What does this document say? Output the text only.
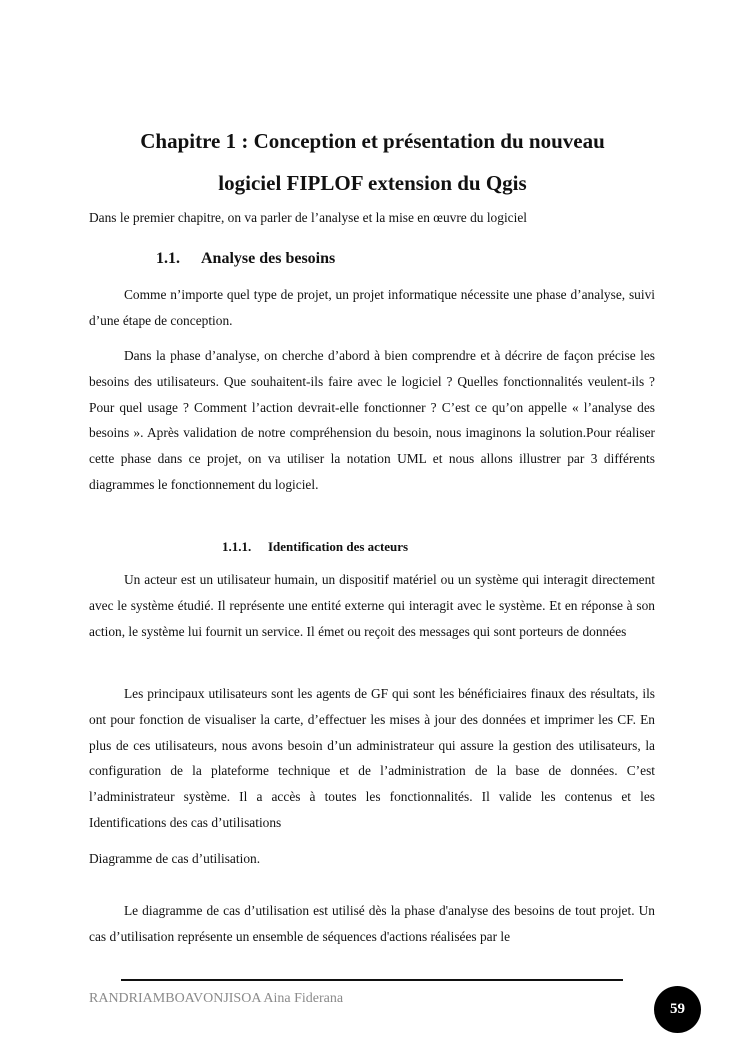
Chapitre 1 : Conception et présentation du nouveau
logiciel FIPLOF extension du Qgis

Dans le premier chapitre, on va parler de l’analyse et la mise en œuvre du logiciel

1.1. Analyse des besoins

Comme n’importe quel type de projet, un projet informatique nécessite une phase d’analyse, suivi d’une étape de conception.

Dans la phase d’analyse, on cherche d’abord à bien comprendre et à décrire de façon précise les besoins des utilisateurs. Que souhaitent-ils faire avec le logiciel ? Quelles fonctionnalités veulent-ils ? Pour quel usage ? Comment l’action devrait-elle fonctionner ? C’est ce qu’on appelle « l’analyse des besoins ». Après validation de notre compréhension du besoin, nous imaginons la solution.Pour réaliser cette phase dans ce projet, on va utiliser la notation UML et nous allons illustrer par 3 différents diagrammes le fonctionnement du logiciel.

1.1.1. Identification des acteurs

Un acteur est un utilisateur humain, un dispositif matériel ou un système qui interagit directement avec le système étudié. Il représente une entité externe qui interagit avec le système. Et en réponse à son action, le système lui fournit un service. Il émet ou reçoit des messages qui sont porteurs de données

Les principaux utilisateurs sont les agents de GF qui sont les bénéficiaires finaux des résultats, ils ont pour fonction de visualiser la carte, d’effectuer les mises à jour des données et imprimer les CF. En plus de ces utilisateurs, nous avons besoin d’un administrateur qui assure la gestion des utilisateurs, la configuration de la plateforme technique et de l’administration de la base de données. C’est l’administrateur système. Il a accès à toutes les fonctionnalités. Il valide les contenus et les Identifications des cas d’utilisations

Diagramme de cas d’utilisation.

Le diagramme de cas d’utilisation est utilisé dès la phase d'analyse des besoins de tout projet. Un cas d’utilisation représente un ensemble de séquences d'actions réalisées par le

RANDRIAMBOAVONJISOA Aina Fiderana
59
